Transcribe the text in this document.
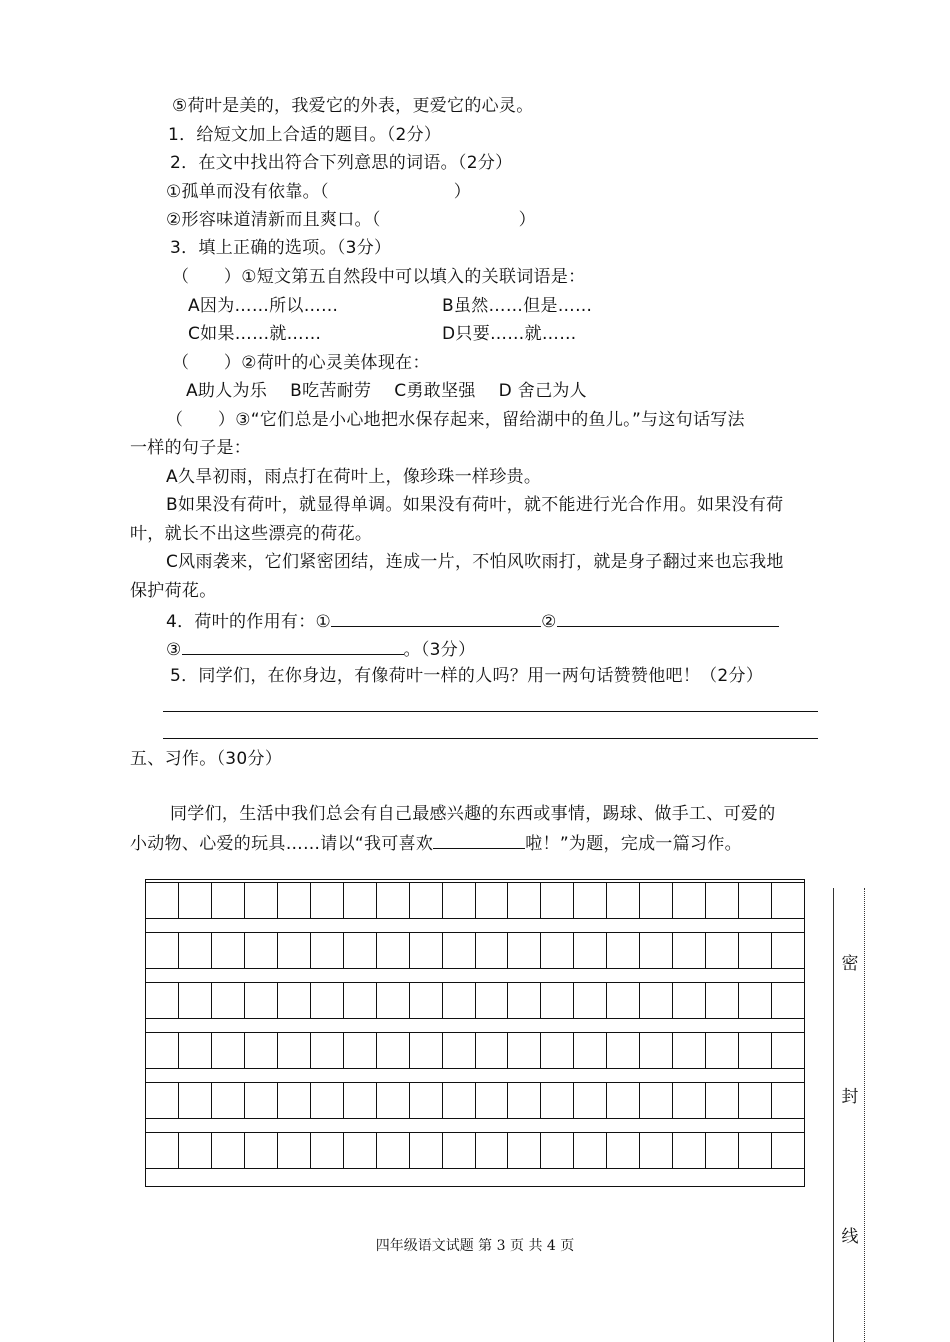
⑤荷叶是美的，我爱它的外表，更爱它的心灵。
1．给短文加上合适的题目。（2分）
2．在文中找出符合下列意思的词语。（2分）
①孤单而没有依靠。（	）
②形容味道清新而且爽口。（	）
3．填上正确的选项。（3分）
（　　）①短文第五自然段中可以填入的关联词语是：
A因为……所以……	B虽然……但是……
C如果……就……	D只要……就……
（　　）②荷叶的心灵美体现在：
A助人为乐　 B吃苦耐劳　 C勇敢坚强　 D 舍己为人
（　　）③“它们总是小心地把水保存起来，留给湖中的鱼儿。”与这句话写法
一样的句子是：
A久旱初雨，雨点打在荷叶上，像珍珠一样珍贵。
B如果没有荷叶，就显得单调。如果没有荷叶，就不能进行光合作用。如果没有荷
叶，就长不出这些漂亮的荷花。
C风雨袭来，它们紧密团结，连成一片，不怕风吹雨打，就是身子翻过来也忘我地
保护荷花。
4．荷叶的作用有：①	②
③	。（3分）
5．同学们，在你身边，有像荷叶一样的人吗？用一两句话赞赞他吧！（2分）
五、习作。（30分）
同学们，生活中我们总会有自己最感兴趣的东西或事情，踢球、做手工、可爱的
小动物、心爱的玩具……请以“我可喜欢	啦！”为题，完成一篇习作。
密
封
线
四年级语文试题 第 3 页 共 4 页
